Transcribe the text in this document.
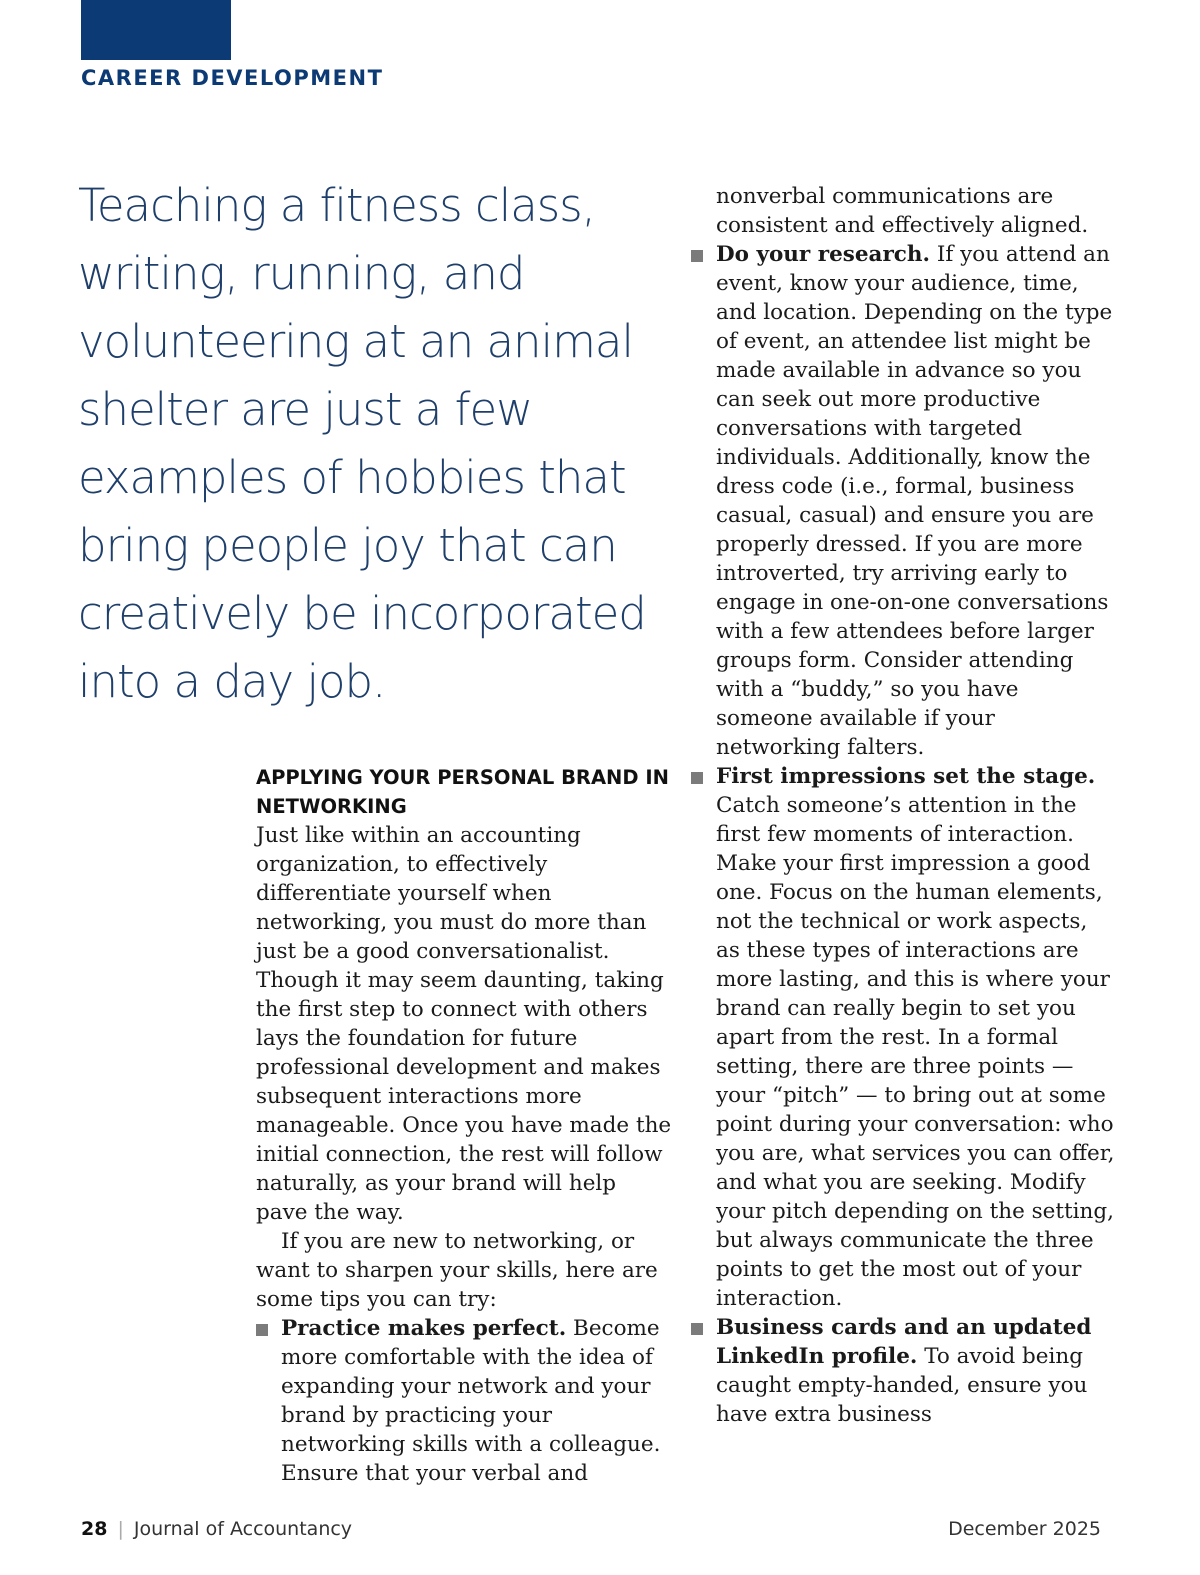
CAREER DEVELOPMENT
Teaching a fitness class, writing, running, and volunteering at an animal shelter are just a few examples of hobbies that bring people joy that can creatively be incorporated into a day job.
APPLYING YOUR PERSONAL BRAND IN NETWORKING

Just like within an accounting organization, to effectively differentiate yourself when networking, you must do more than just be a good conversationalist. Though it may seem daunting, taking the first step to connect with others lays the foundation for future professional development and makes subsequent interactions more manageable. Once you have made the initial connection, the rest will follow naturally, as your brand will help pave the way.

If you are new to networking, or want to sharpen your skills, here are some tips you can try:

Practice makes perfect. Become more comfortable with the idea of expanding your network and your brand by practicing your networking skills with a colleague. Ensure that your verbal and

nonverbal communications are consistent and effectively aligned.

Do your research. If you attend an event, know your audience, time, and location. Depending on the type of event, an attendee list might be made available in advance so you can seek out more productive conversations with targeted individuals. Additionally, know the dress code (i.e., formal, business casual, casual) and ensure you are properly dressed. If you are more introverted, try arriving early to engage in one-on-one conversations with a few attendees before larger groups form. Consider attending with a “buddy,” so you have someone available if your networking falters.
First impressions set the stage. Catch someone’s attention in the first few moments of interaction. Make your first impression a good one. Focus on the human elements, not the technical or work aspects, as these types of interactions are more lasting, and this is where your brand can really begin to set you apart from the rest. In a formal setting, there are three points — your “pitch” — to bring out at some point during your conversation: who you are, what services you can offer, and what you are seeking. Modify your pitch depending on the setting, but always communicate the three points to get the most out of your interaction.
Business cards and an updated LinkedIn profile. To avoid being caught empty-handed, ensure you have extra business
28 | Journal of Accountancy	December 2025
